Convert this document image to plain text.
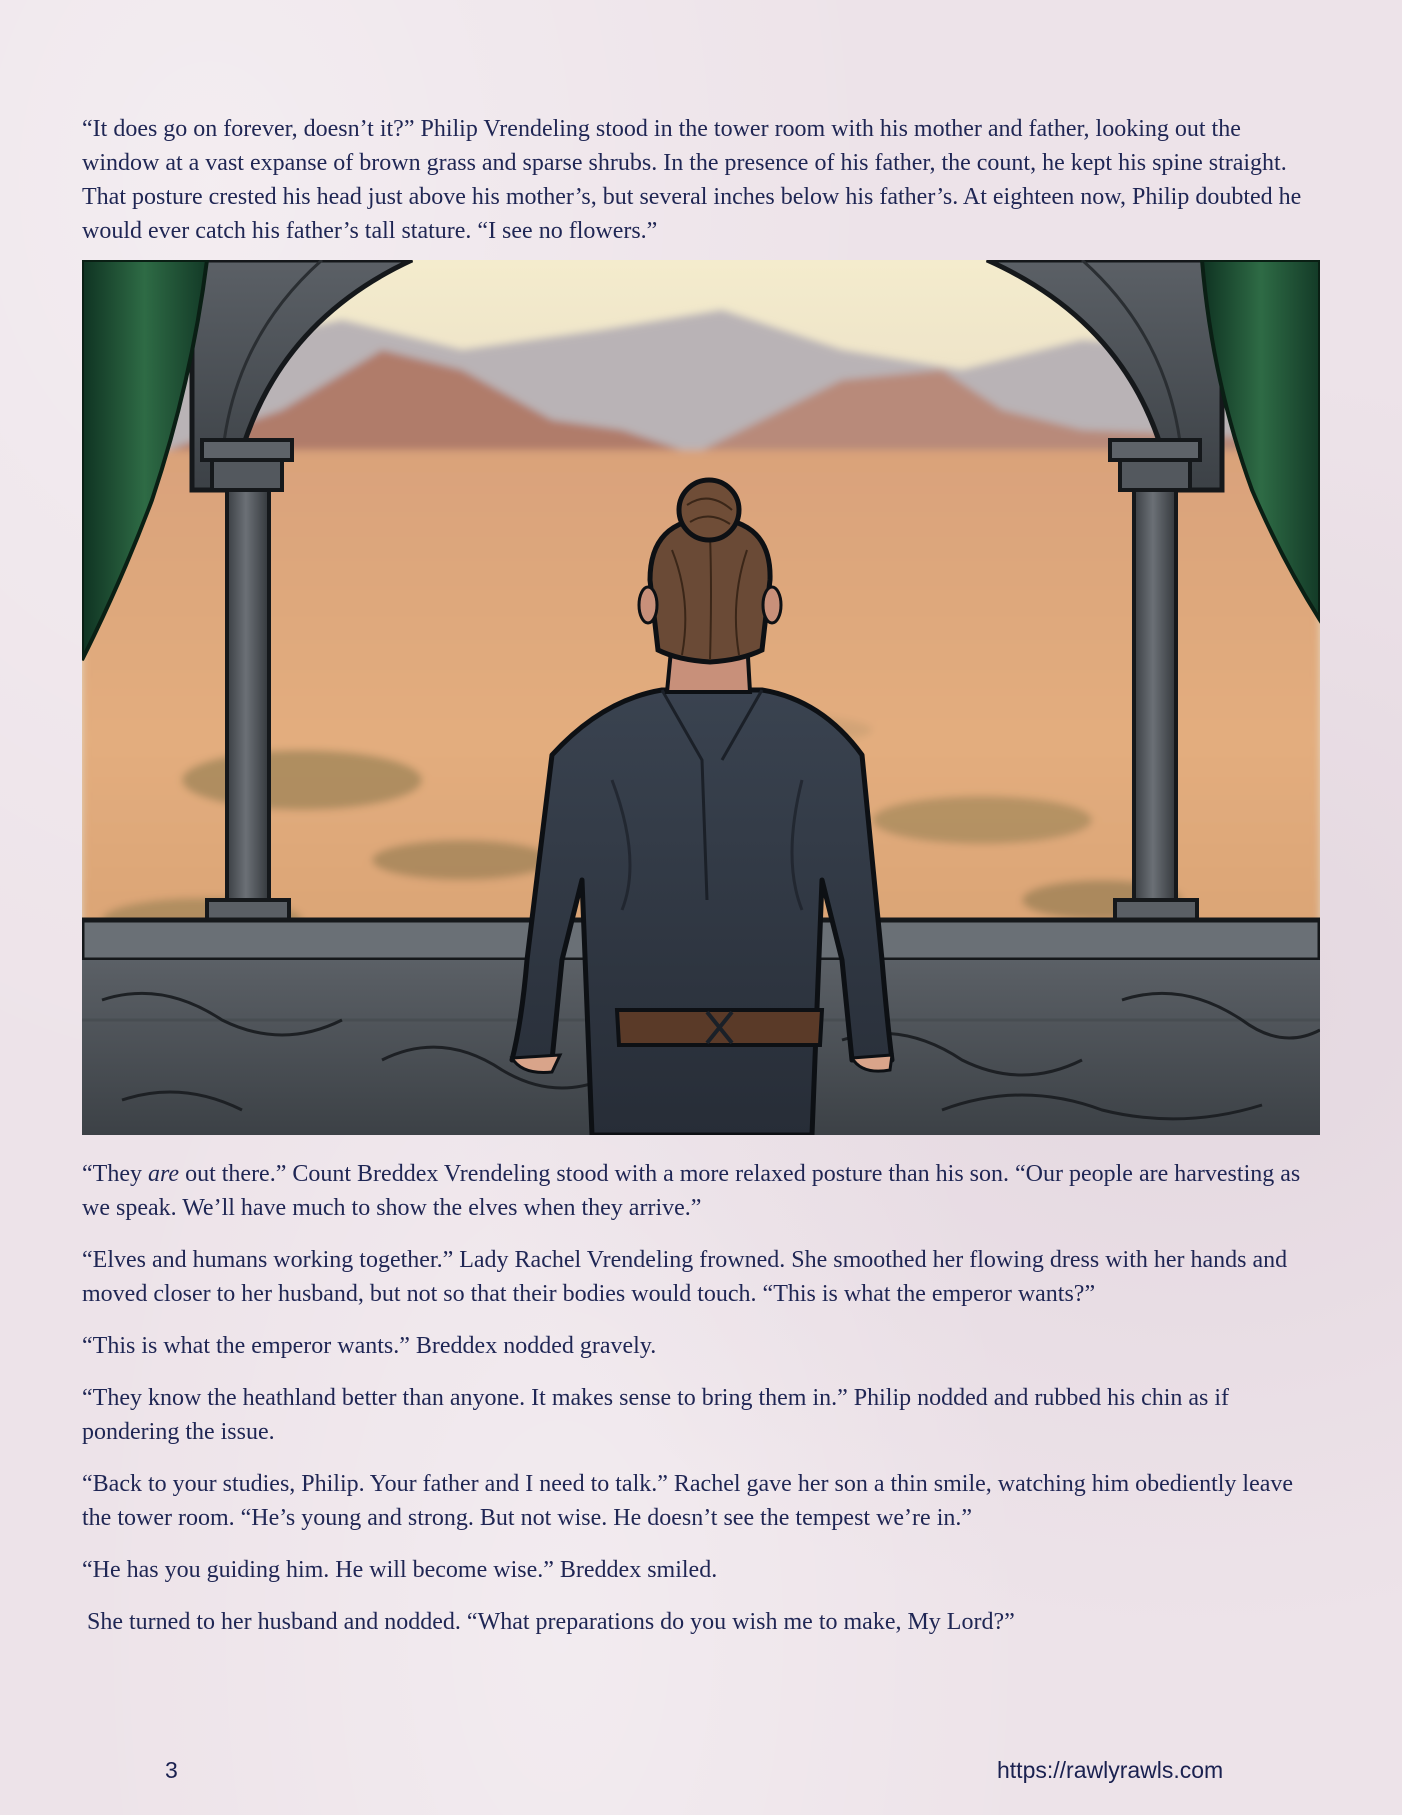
“It does go on forever, doesn’t it?” Philip Vrendeling stood in the tower room with his mother and father, looking out the window at a vast expanse of brown grass and sparse shrubs. In the presence of his father, the count, he kept his spine straight. That posture crested his head just above his mother’s, but several inches below his father’s. At eighteen now, Philip doubted he would ever catch his father’s tall stature. “I see no flowers.”

“They are out there.” Count Breddex Vrendeling stood with a more relaxed posture than his son. “Our people are harvesting as we speak. We’ll have much to show the elves when they arrive.”

“Elves and humans working together.” Lady Rachel Vrendeling frowned. She smoothed her flowing dress with her hands and moved closer to her husband, but not so that their bodies would touch. “This is what the emperor wants?”

“This is what the emperor wants.” Breddex nodded gravely.

“They know the heathland better than anyone. It makes sense to bring them in.” Philip nodded and rubbed his chin as if pondering the issue.

“Back to your studies, Philip. Your father and I need to talk.” Rachel gave her son a thin smile, watching him obediently leave the tower room. “He’s young and strong. But not wise. He doesn’t see the tempest we’re in.”

“He has you guiding him. He will become wise.” Breddex smiled.

She turned to her husband and nodded. “What preparations do you wish me to make, My Lord?”

3	https://rawlyrawls.com
